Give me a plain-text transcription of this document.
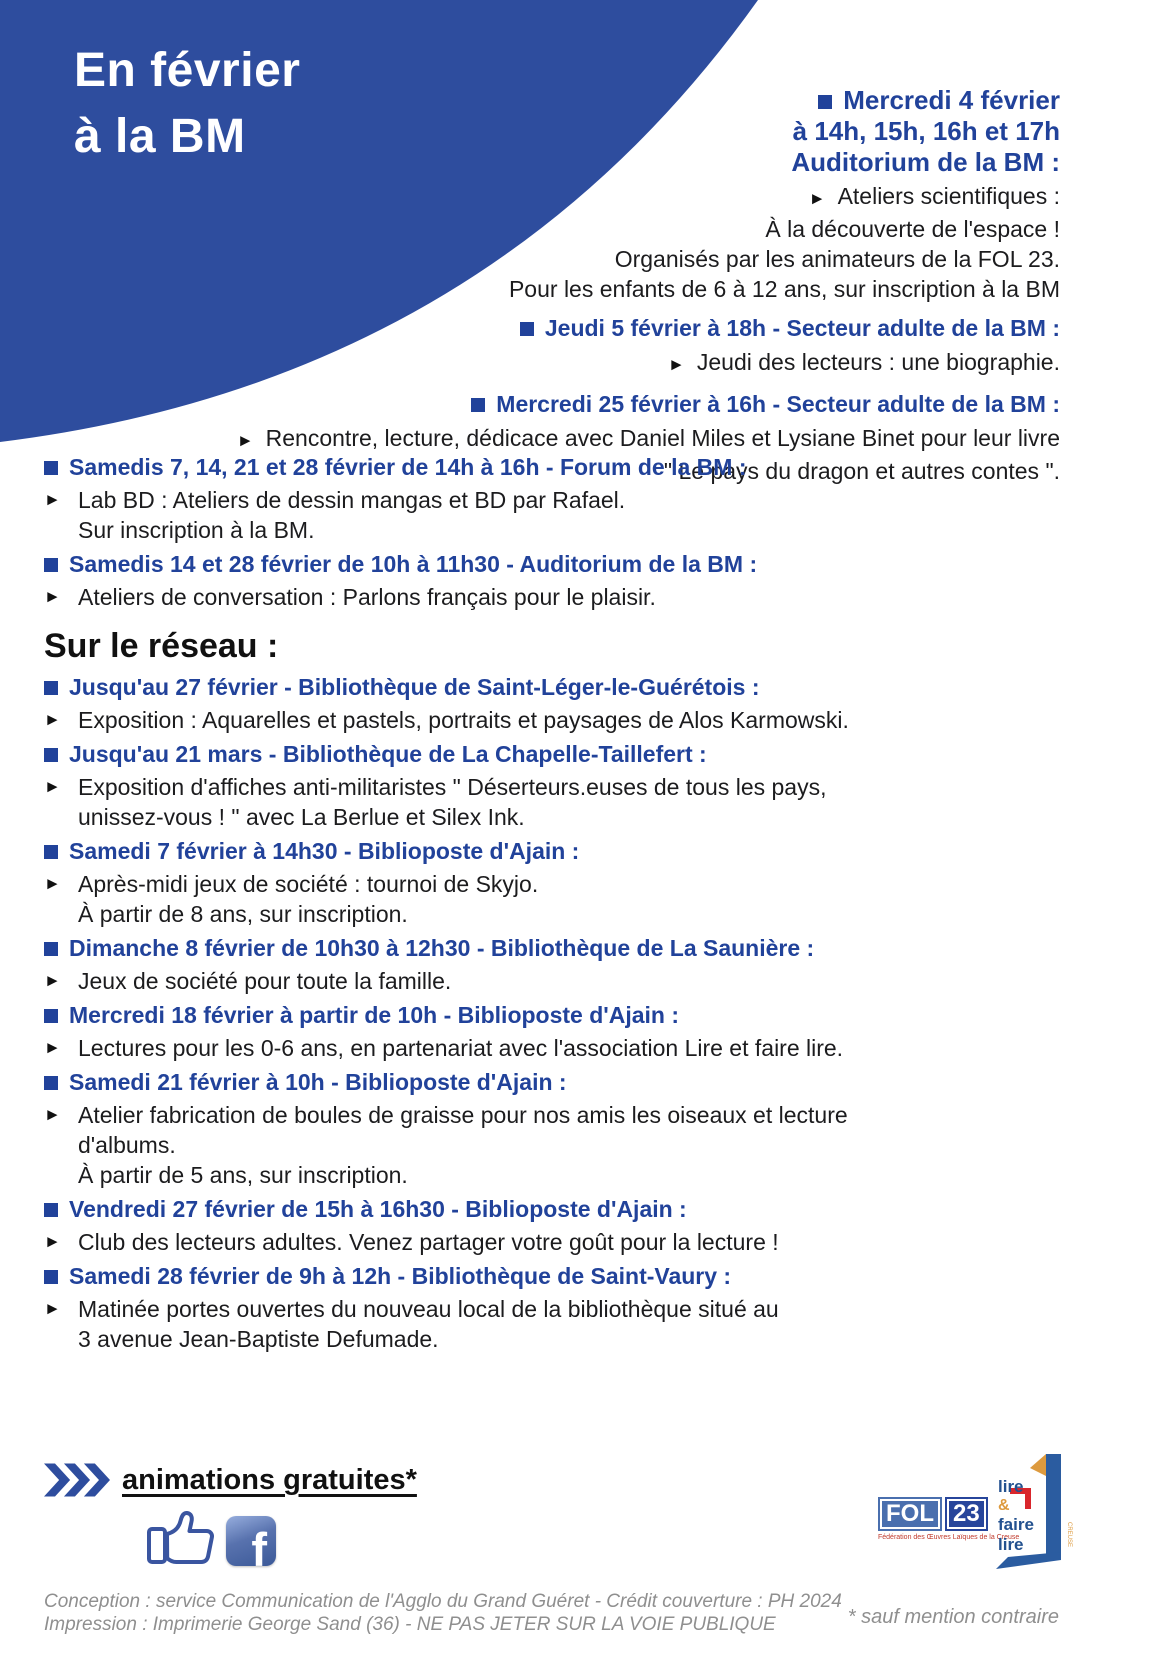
En février
à la BM
Mercredi 4 février
à 14h, 15h, 16h et 17h
Auditorium de la BM :
► Ateliers scientifiques :
À la découverte de l'espace !
Organisés par les animateurs de la FOL 23.
Pour les enfants de 6 à 12 ans, sur inscription à la BM
Jeudi 5 février à 18h - Secteur adulte de la BM :
► Jeudi des lecteurs : une biographie.
Mercredi 25 février à 16h - Secteur adulte de la BM :
► Rencontre, lecture, dédicace avec Daniel Miles et Lysiane Binet pour leur livre
" Le pays du dragon et autres contes ".
Samedis 7, 14, 21 et 28 février de 14h à 16h - Forum de la BM :
► Lab BD : Ateliers de dessin mangas et BD par Rafael.
Sur inscription à la BM.
Samedis 14 et 28 février de 10h à 11h30 - Auditorium de la BM :
► Ateliers de conversation : Parlons français pour le plaisir.
Sur le réseau :
Jusqu'au 27 février - Bibliothèque de Saint-Léger-le-Guérétois :
► Exposition : Aquarelles et pastels, portraits et paysages de Alos Karmowski.
Jusqu'au 21 mars - Bibliothèque de La Chapelle-Taillefert :
► Exposition d'affiches anti-militaristes " Déserteurs.euses de tous les pays,
unissez-vous ! " avec La Berlue et Silex Ink.
Samedi 7 février à 14h30 - Biblioposte d'Ajain :
► Après-midi jeux de société : tournoi de Skyjo.
À partir de 8 ans, sur inscription.
Dimanche 8 février de 10h30 à 12h30 - Bibliothèque de La Saunière :
► Jeux de société pour toute la famille.
Mercredi 18 février à partir de 10h - Biblioposte d'Ajain :
► Lectures pour les 0-6 ans, en partenariat avec l'association Lire et faire lire.
Samedi 21 février à 10h - Biblioposte d'Ajain :
► Atelier fabrication de boules de graisse pour nos amis les oiseaux et lecture
d'albums.
À partir de 5 ans, sur inscription.
Vendredi 27 février de 15h à 16h30 - Biblioposte d'Ajain :
► Club des lecteurs adultes. Venez partager votre goût pour la lecture !
Samedi 28 février de 9h à 12h - Bibliothèque de Saint-Vaury :
► Matinée portes ouvertes du nouveau local de la bibliothèque situé au
3 avenue Jean-Baptiste Defumade.
animations gratuites*
f
FOL 23
Fédération des Œuvres Laïques de la Creuse
lire
&
faire
lire	CREUSE
Conception : service Communication de l'Agglo du Grand Guéret - Crédit couverture : PH 2024
Impression : Imprimerie George Sand (36) - NE PAS JETER SUR LA VOIE PUBLIQUE	* sauf mention contraire
